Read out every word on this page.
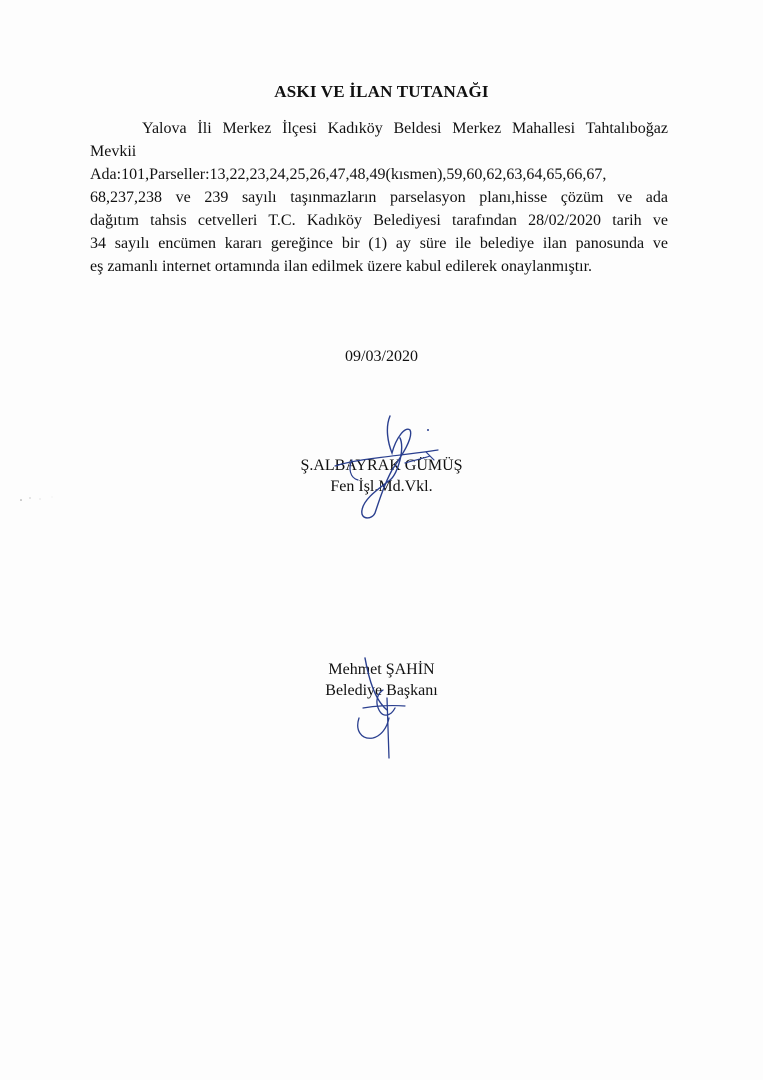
ASKI VE İLAN TUTANAĞI

Yalova İli Merkez İlçesi Kadıköy Beldesi Merkez Mahallesi Tahtalıboğaz

Mevkii

Ada:101,Parseller:13,22,23,24,25,26,47,48,49(kısmen),59,60,62,63,64,65,66,67,

68,237,238 ve 239 sayılı taşınmazların parselasyon planı,hisse çözüm ve ada

dağıtım tahsis cetvelleri T.C. Kadıköy Belediyesi tarafından 28/02/2020 tarih ve

34 sayılı encümen kararı gereğince bir (1) ay süre ile belediye ilan panosunda ve

eş zamanlı internet ortamında ilan edilmek üzere kabul edilerek onaylanmıştır.

09/03/2020
Ş.ALBAYRAK GÜMÜŞ
Fen İşl.Md.Vkl.
Mehmet ŞAHİN
Belediye Başkanı
